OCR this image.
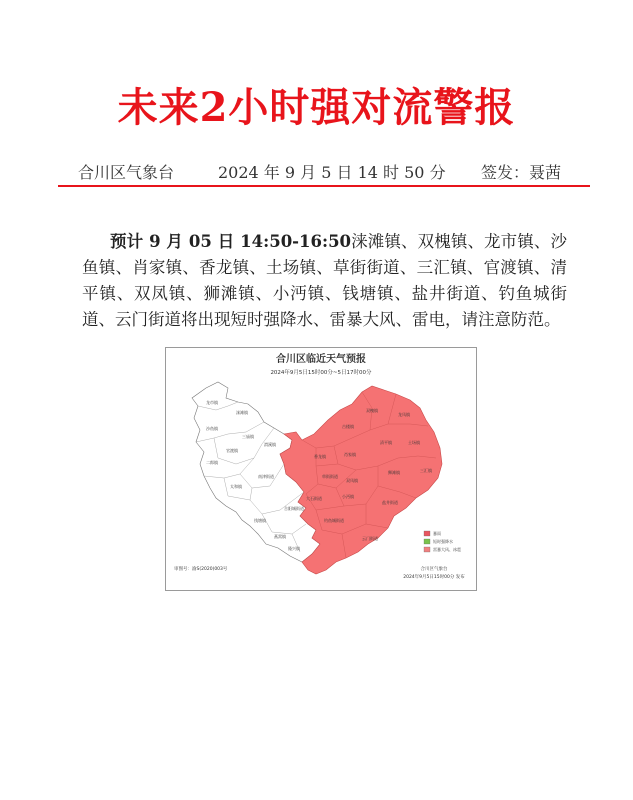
未来2小时强对流警报
合川区气象台	2024 年 9 月 5 日 14 时 50 分 签发：聂茜
预计 9 月 05 日 14:50-16:50涞滩镇、双槐镇、龙市镇、沙鱼镇、肖家镇、香龙镇、土场镇、草街街道、三汇镇、官渡镇、清平镇、双凤镇、狮滩镇、小沔镇、钱塘镇、盐井街道、钓鱼城街道、云门街道将出现短时强降水、雷暴大风、雷电，请注意防范。
合川区临近天气预报
2024年9月5日15时00分~5日17时00分
龙市镇
涞滩镇
沙鱼镇
三庙镇
官渡镇
渭溪镇
二郎镇
太和镇
南津街道
合阳城街道
钱塘镇
燕窝镇
隆兴镇
双槐镇
龙凤镇
古楼镇
清平镇
香龙镇	肖家镇
土场镇
三汇镇
草街街道
双凤镇
狮滩镇
小沔镇
盐井街道
钓鱼城街道
云门街道
大石街道
暴雨
短时强降水
雷暴大风、冰雹
审图号：渝S(2020)003号	合川区气象台
2024年9月5日15时00分 发布
